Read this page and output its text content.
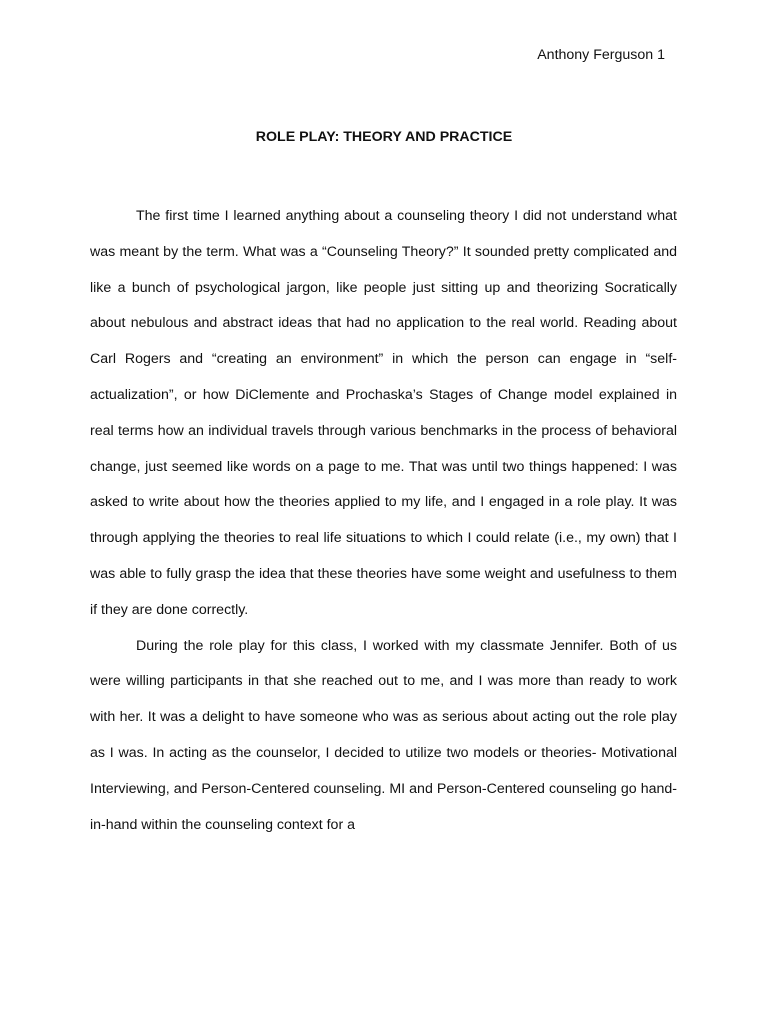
Anthony Ferguson 1
ROLE PLAY: THEORY AND PRACTICE

The first time I learned anything about a counseling theory I did not understand what was meant by the term. What was a “Counseling Theory?” It sounded pretty complicated and like a bunch of psychological jargon, like people just sitting up and theorizing Socratically about nebulous and abstract ideas that had no application to the real world. Reading about Carl Rogers and “creating an environment” in which the person can engage in “self-actualization”, or how DiClemente and Prochaska’s Stages of Change model explained in real terms how an individual travels through various benchmarks in the process of behavioral change, just seemed like words on a page to me. That was until two things happened: I was asked to write about how the theories applied to my life, and I engaged in a role play. It was through applying the theories to real life situations to which I could relate (i.e., my own) that I was able to fully grasp the idea that these theories have some weight and usefulness to them if they are done correctly.

During the role play for this class, I worked with my classmate Jennifer. Both of us were willing participants in that she reached out to me, and I was more than ready to work with her. It was a delight to have someone who was as serious about acting out the role play as I was. In acting as the counselor, I decided to utilize two models or theories- Motivational Interviewing, and Person-Centered counseling. MI and Person-Centered counseling go hand-in-hand within the counseling context for a
